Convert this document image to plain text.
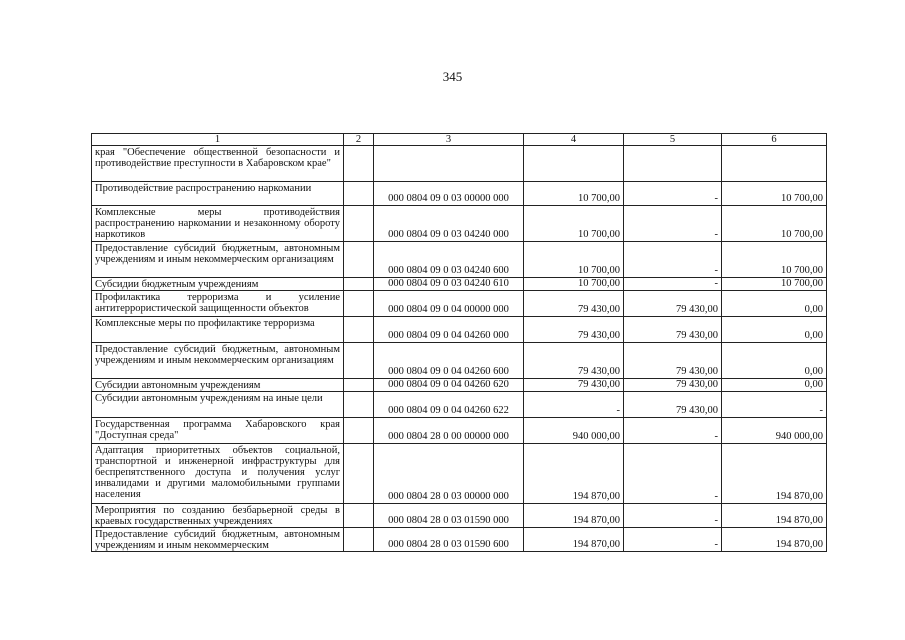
345
1	2	3	4	5	6
края "Обеспечение общественной безопасности и противодействие преступности в Хабаровском крае"					
Противодействие распространению наркомании		000 0804 09 0 03 00000 000	10 700,00	-	10 700,00
Комплексные меры противодействия распространению наркомании и незаконному обороту наркотиков		000 0804 09 0 03 04240 000	10 700,00	-	10 700,00
Предоставление субсидий бюджетным, автономным учреждениям и иным некоммерческим организациям		000 0804 09 0 03 04240 600	10 700,00	-	10 700,00
Субсидии бюджетным учреждениям		000 0804 09 0 03 04240 610	10 700,00	-	10 700,00
Профилактика терроризма и усиление антитеррористической защищенности объектов		000 0804 09 0 04 00000 000	79 430,00	79 430,00	0,00
Комплексные меры по профилактике терроризма		000 0804 09 0 04 04260 000	79 430,00	79 430,00	0,00
Предоставление субсидий бюджетным, автономным учреждениям и иным некоммерческим организациям		000 0804 09 0 04 04260 600	79 430,00	79 430,00	0,00
Субсидии автономным учреждениям		000 0804 09 0 04 04260 620	79 430,00	79 430,00	0,00
Субсидии автономным учреждениям на иные цели		000 0804 09 0 04 04260 622	-	79 430,00	-
Государственная программа Хабаровского края "Доступная среда"		000 0804 28 0 00 00000 000	940 000,00	-	940 000,00
Адаптация приоритетных объектов социальной, транспортной и инженерной инфраструктуры для беспрепятственного доступа и получения услуг инвалидами и другими маломобильными группами населения		000 0804 28 0 03 00000 000	194 870,00	-	194 870,00
Мероприятия по созданию безбарьерной среды в краевых государственных учреждениях		000 0804 28 0 03 01590 000	194 870,00	-	194 870,00
Предоставление субсидий бюджетным, автономным учреждениям и иным некоммерческим		000 0804 28 0 03 01590 600	194 870,00	-	194 870,00
